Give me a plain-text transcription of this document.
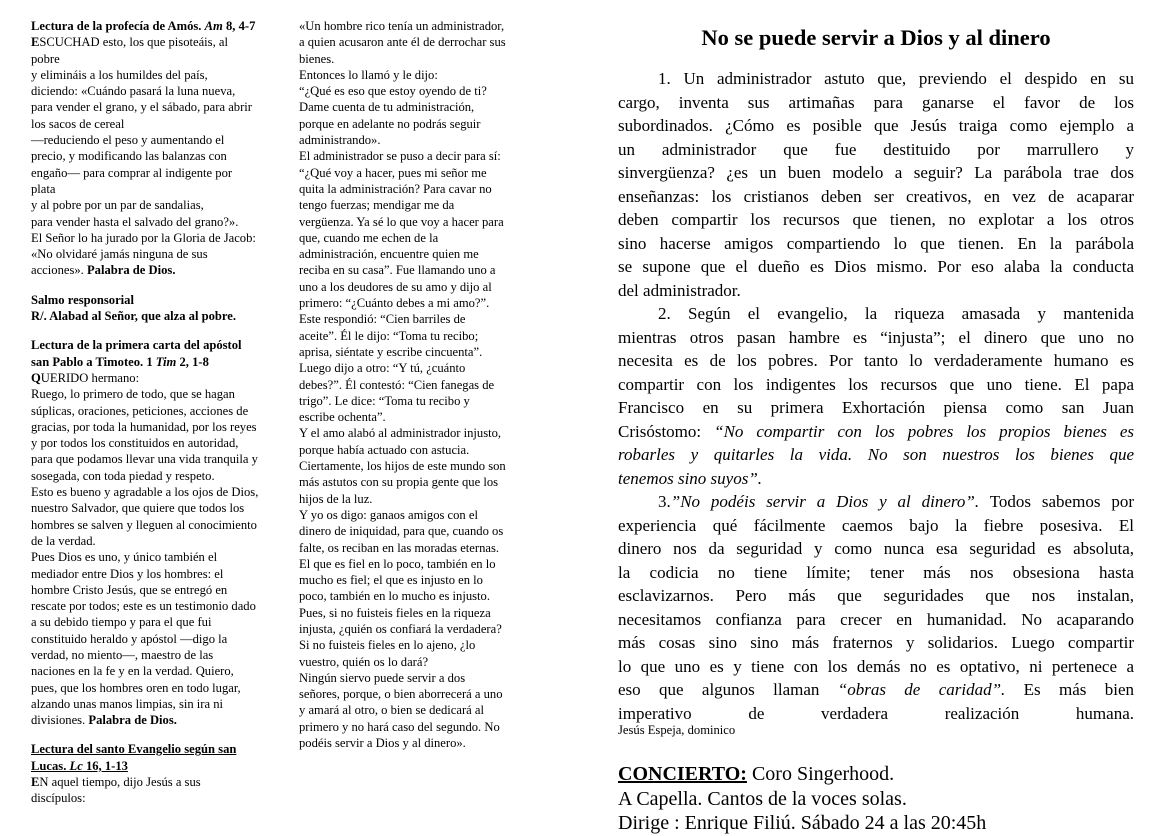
Lectura de la profecía de Amós. Am 8, 4-7
ESCUCHAD esto, los que pisoteáis, al
pobre
y elimináis a los humildes del país,
diciendo: «Cuándo pasará la luna nueva,
para vender el grano, y el sábado, para abrir
los sacos de cereal
—reduciendo el peso y aumentando el
precio, y modificando las balanzas con
engaño— para comprar al indigente por
plata
y al pobre por un par de sandalias,
para vender hasta el salvado del grano?».
El Señor lo ha jurado por la Gloria de Jacob:
«No olvidaré jamás ninguna de sus
acciones». Palabra de Dios.
Salmo responsorial
R/. Alabad al Señor, que alza al pobre.
Lectura de la primera carta del apóstol
san Pablo a Timoteo. 1 Tim 2, 1-8
QUERIDO hermano:
Ruego, lo primero de todo, que se hagan
súplicas, oraciones, peticiones, acciones de
gracias, por toda la humanidad, por los reyes
y por todos los constituidos en autoridad,
para que podamos llevar una vida tranquila y
sosegada, con toda piedad y respeto.
Esto es bueno y agradable a los ojos de Dios,
nuestro Salvador, que quiere que todos los
hombres se salven y lleguen al conocimiento
de la verdad.
Pues Dios es uno, y único también el
mediador entre Dios y los hombres: el
hombre Cristo Jesús, que se entregó en
rescate por todos; este es un testimonio dado
a su debido tiempo y para el que fui
constituido heraldo y apóstol —digo la
verdad, no miento—, maestro de las
naciones en la fe y en la verdad. Quiero,
pues, que los hombres oren en todo lugar,
alzando unas manos limpias, sin ira ni
divisiones. Palabra de Dios.
Lectura del santo Evangelio según san
Lucas. Lc 16, 1-13
EN aquel tiempo, dijo Jesús a sus
discípulos:
«Un hombre rico tenía un administrador,
a quien acusaron ante él de derrochar sus
bienes.
Entonces lo llamó y le dijo:
“¿Qué es eso que estoy oyendo de ti?
Dame cuenta de tu administración,
porque en adelante no podrás seguir
administrando».
El administrador se puso a decir para sí:
“¿Qué voy a hacer, pues mi señor me
quita la administración? Para cavar no
tengo fuerzas; mendigar me da
vergüenza. Ya sé lo que voy a hacer para
que, cuando me echen de la
administración, encuentre quien me
reciba en su casa”. Fue llamando uno a
uno a los deudores de su amo y dijo al
primero: “¿Cuánto debes a mi amo?”.
Este respondió: “Cien barriles de
aceite”. Él le dijo: “Toma tu recibo;
aprisa, siéntate y escribe cincuenta”.
Luego dijo a otro: “Y tú, ¿cuánto
debes?”. Él contestó: “Cien fanegas de
trigo”. Le dice: “Toma tu recibo y
escribe ochenta”.
Y el amo alabó al administrador injusto,
porque había actuado con astucia.
Ciertamente, los hijos de este mundo son
más astutos con su propia gente que los
hijos de la luz.
Y yo os digo: ganaos amigos con el
dinero de iniquidad, para que, cuando os
falte, os reciban en las moradas eternas.
El que es fiel en lo poco, también en lo
mucho es fiel; el que es injusto en lo
poco, también en lo mucho es injusto.
Pues, si no fuisteis fieles en la riqueza
injusta, ¿quién os confiará la verdadera?
Si no fuisteis fieles en lo ajeno, ¿lo
vuestro, quién os lo dará?
Ningún siervo puede servir a dos
señores, porque, o bien aborrecerá a uno
y amará al otro, o bien se dedicará al
primero y no hará caso del segundo. No
podéis servir a Dios y al dinero».
No se puede servir a Dios y al dinero
1. Un administrador astuto que, previendo el despido en su
cargo, inventa sus artimañas para ganarse el favor de los
subordinados. ¿Cómo es posible que Jesús traiga como ejemplo a
un administrador que fue destituido por marrullero y
sinvergüenza? ¿es un buen modelo a seguir? La parábola trae dos
enseñanzas: los cristianos deben ser creativos, en vez de acaparar
deben compartir los recursos que tienen, no explotar a los otros
sino hacerse amigos compartiendo lo que tienen. En la parábola
se supone que el dueño es Dios mismo. Por eso alaba la conducta
del administrador.
2. Según el evangelio, la riqueza amasada y mantenida
mientras otros pasan hambre es “injusta”; el dinero que uno no
necesita es de los pobres. Por tanto lo verdaderamente humano es
compartir con los indigentes los recursos que uno tiene. El papa
Francisco en su primera Exhortación piensa como san Juan
Crisóstomo: “No compartir con los pobres los propios bienes es
robarles y quitarles la vida. No son nuestros los bienes que
tenemos sino suyos”.
3.”No podéis servir a Dios y al dinero”. Todos sabemos por
experiencia qué fácilmente caemos bajo la fiebre posesiva. El
dinero nos da seguridad y como nunca esa seguridad es absoluta,
la codicia no tiene límite; tener más nos obsesiona hasta
esclavizarnos. Pero más que seguridades que nos instalan,
necesitamos confianza para crecer en humanidad. No acaparando
más cosas sino sino más fraternos y solidarios. Luego compartir
lo que uno es y tiene con los demás no es optativo, ni pertenece a
eso que algunos llaman “obras de caridad”. Es más bien
imperativo de verdadera realización humana.
Jesús Espeja, dominico
CONCIERTO: Coro Singerhood.
A Capella. Cantos de la voces solas.
Dirige : Enrique Filiú. Sábado 24 a las 20:45h
